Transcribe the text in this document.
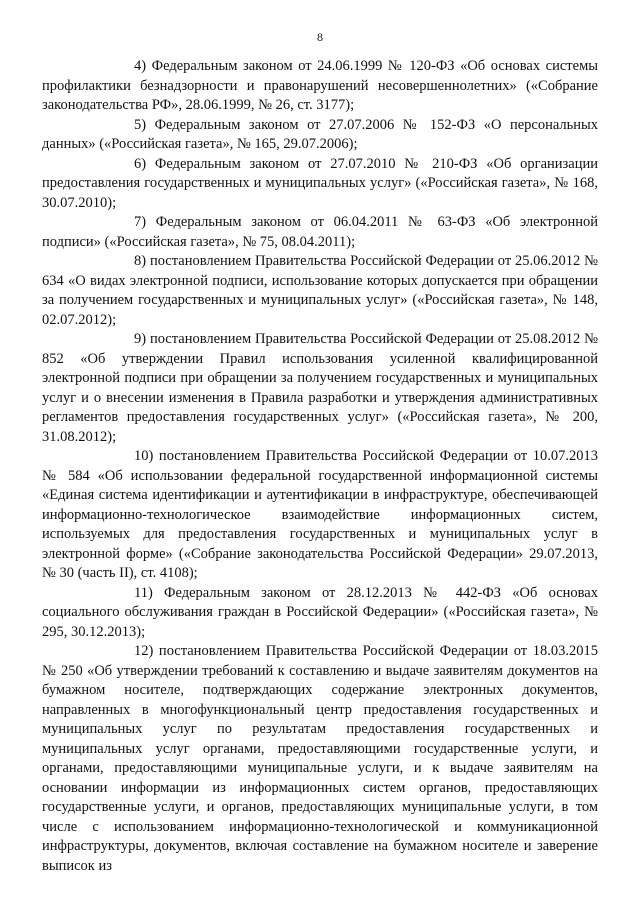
8

4) Федеральным законом от 24.06.1999 № 120-ФЗ «Об основах системы профилактики безнадзорности и правонарушений несовершеннолетних» («Собрание законодательства РФ», 28.06.1999, № 26, ст. 3177);

5) Федеральным законом от 27.07.2006 № 152-ФЗ «О персональных данных» («Российская газета», № 165, 29.07.2006);

6) Федеральным законом от 27.07.2010 № 210-ФЗ «Об организации предоставления государственных и муниципальных услуг» («Российская газета», № 168, 30.07.2010);

7) Федеральным законом от 06.04.2011 № 63-ФЗ «Об электронной подписи» («Российская газета», № 75, 08.04.2011);

8) постановлением Правительства Российской Федерации от 25.06.2012 № 634 «О видах электронной подписи, использование которых допускается при обращении за получением государственных и муниципальных услуг» («Российская газета», № 148, 02.07.2012);

9) постановлением Правительства Российской Федерации от 25.08.2012 № 852 «Об утверждении Правил использования усиленной квалифицированной электронной подписи при обращении за получением государственных и муниципальных услуг и о внесении изменения в Правила разработки и утверждения административных регламентов предоставления государственных услуг» («Российская газета», № 200, 31.08.2012);

10) постановлением Правительства Российской Федерации от 10.07.2013 № 584 «Об использовании федеральной государственной информационной системы «Единая система идентификации и аутентификации в инфраструктуре, обеспечивающей информационно-технологическое взаимодействие информационных систем, используемых для предоставления государственных и муниципальных услуг в электронной форме» («Собрание законодательства Российской Федерации» 29.07.2013, № 30 (часть II), ст. 4108);

11) Федеральным законом от 28.12.2013 № 442-ФЗ «Об основах социального обслуживания граждан в Российской Федерации» («Российская газета», № 295, 30.12.2013);

12) постановлением Правительства Российской Федерации от 18.03.2015 № 250 «Об утверждении требований к составлению и выдаче заявителям документов на бумажном носителе, подтверждающих содержание электронных документов, направленных в многофункциональный центр предоставления государственных и муниципальных услуг по результатам предоставления государственных и муниципальных услуг органами, предоставляющими государственные услуги, и органами, предоставляющими муниципальные услуги, и к выдаче заявителям на основании информации из информационных систем органов, предоставляющих государственные услуги, и органов, предоставляющих муниципальные услуги, в том числе с использованием информационно-технологической и коммуникационной инфраструктуры, документов, включая составление на бумажном носителе и заверение выписок из
